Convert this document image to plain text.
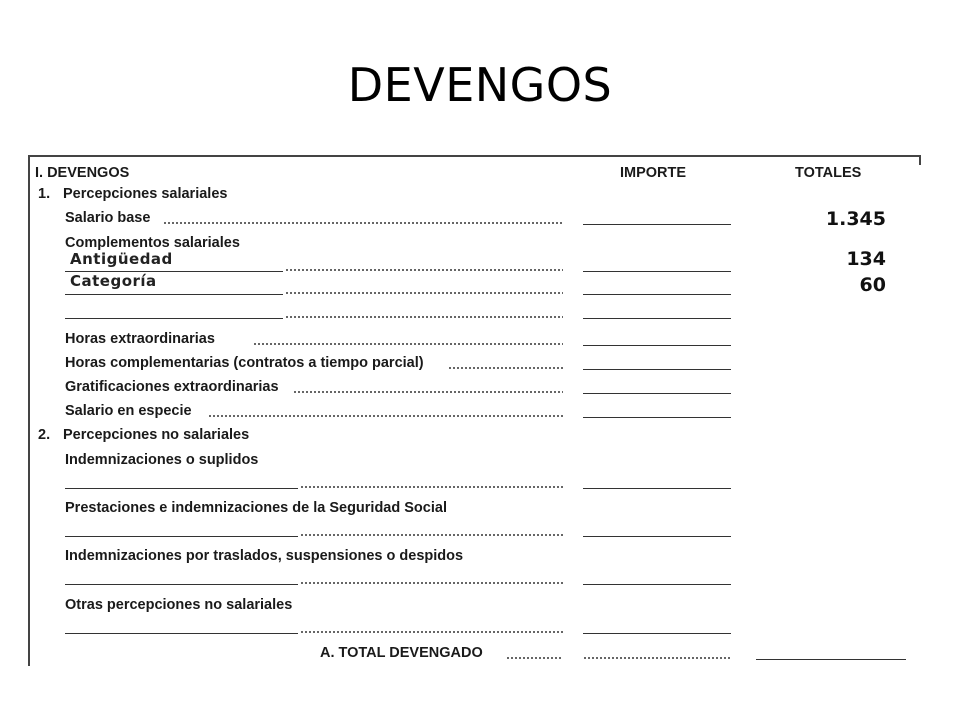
DEVENGOS
I. DEVENGOS	IMPORTE	TOTALES
1. Percepciones salariales
Salario base
Complementos salariales
Horas extraordinarias
Horas complementarias (contratos a tiempo parcial)
Gratificaciones extraordinarias
Salario en especie
2. Percepciones no salariales
Indemnizaciones o suplidos
Prestaciones e indemnizaciones de la Seguridad Social
Indemnizaciones por traslados, suspensiones o despidos
Otras percepciones no salariales
A. TOTAL DEVENGADO
Antigüedad
Categoría
1.345
134
60
